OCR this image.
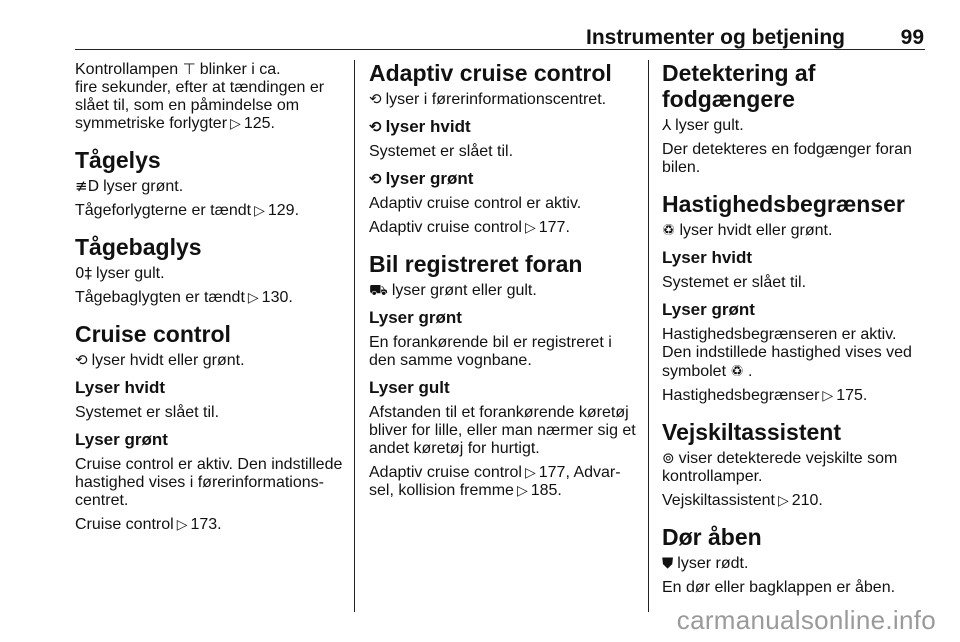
Instrumenter og betjening	99

Kontrollampen ⊤ blinker i ca.
fire sekunder, efter at tændingen er
slået til, som en påmindelse om
symmetriske forlygter ▷ 125.

Tågelys

≢D lyser grønt.

Tågeforlygterne er tændt ▷ 129.

Tågebaglys

0‡ lyser gult.

Tågebaglygten er tændt ▷ 130.

Cruise control

⟲ lyser hvidt eller grønt.

Lyser hvidt

Systemet er slået til.

Lyser grønt

Cruise control er aktiv. Den indstillede
hastighed vises i førerinformations-
centret.

Cruise control ▷ 173.

Adaptiv cruise control

⟲ lyser i førerinformationscentret.

⟲ lyser hvidt

Systemet er slået til.

⟲ lyser grønt

Adaptiv cruise control er aktiv.

Adaptiv cruise control ▷ 177.

Bil registreret foran

⛟ lyser grønt eller gult.

Lyser grønt

En forankørende bil er registreret i
den samme vognbane.

Lyser gult

Afstanden til et forankørende køretøj
bliver for lille, eller man nærmer sig et
andet køretøj for hurtigt.

Adaptiv cruise control ▷ 177, Advar-
sel, kollision fremme ▷ 185.

Detektering af fodgængere

⅄ lyser gult.

Der detekteres en fodgænger foran
bilen.

Hastighedsbegrænser

♽ lyser hvidt eller grønt.

Lyser hvidt

Systemet er slået til.

Lyser grønt

Hastighedsbegrænseren er aktiv.
Den indstillede hastighed vises ved
symbolet ♽ .

Hastighedsbegrænser ▷ 175.

Vejskiltassistent

⊚ viser detekterede vejskilte som
kontrollamper.

Vejskiltassistent ▷ 210.

Dør åben

⛊ lyser rødt.

En dør eller bagklappen er åben.

carmanualsonline.info
